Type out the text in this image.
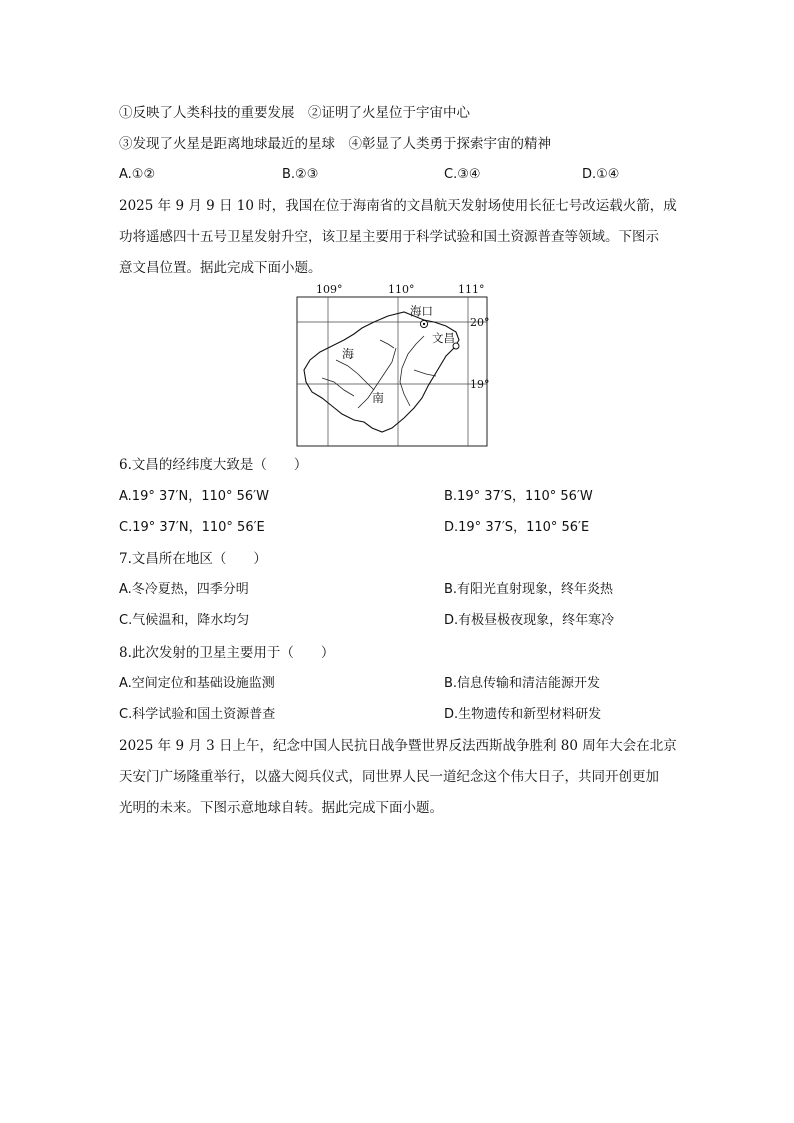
①反映了人类科技的重要发展　②证明了火星位于宇宙中心
③发现了火星是距离地球最近的星球　④彰显了人类勇于探索宇宙的精神
A.①②	B.②③	C.③④	D.①④
2025 年 9 月 9 日 10 时，我国在位于海南省的文昌航天发射场使用长征七号改运载火箭，成
功将遥感四十五号卫星发射升空，该卫星主要用于科学试验和国土资源普查等领域。下图示
意文昌位置。据此完成下面小题。
109°	110°	111°
20°
19°
海口
文昌
海
南
6.文昌的经纬度大致是（　　）
A.19° 37′N，110° 56′W	B.19° 37′S，110° 56′W
C.19° 37′N，110° 56′E	D.19° 37′S，110° 56′E
7.文昌所在地区（　　）
A.冬冷夏热，四季分明	B.有阳光直射现象，终年炎热
C.气候温和，降水均匀	D.有极昼极夜现象，终年寒冷
8.此次发射的卫星主要用于（　　）
A.空间定位和基础设施监测	B.信息传输和清洁能源开发
C.科学试验和国土资源普查	D.生物遗传和新型材料研发
2025 年 9 月 3 日上午，纪念中国人民抗日战争暨世界反法西斯战争胜利 80 周年大会在北京
天安门广场隆重举行，以盛大阅兵仪式，同世界人民一道纪念这个伟大日子，共同开创更加
光明的未来。下图示意地球自转。据此完成下面小题。
